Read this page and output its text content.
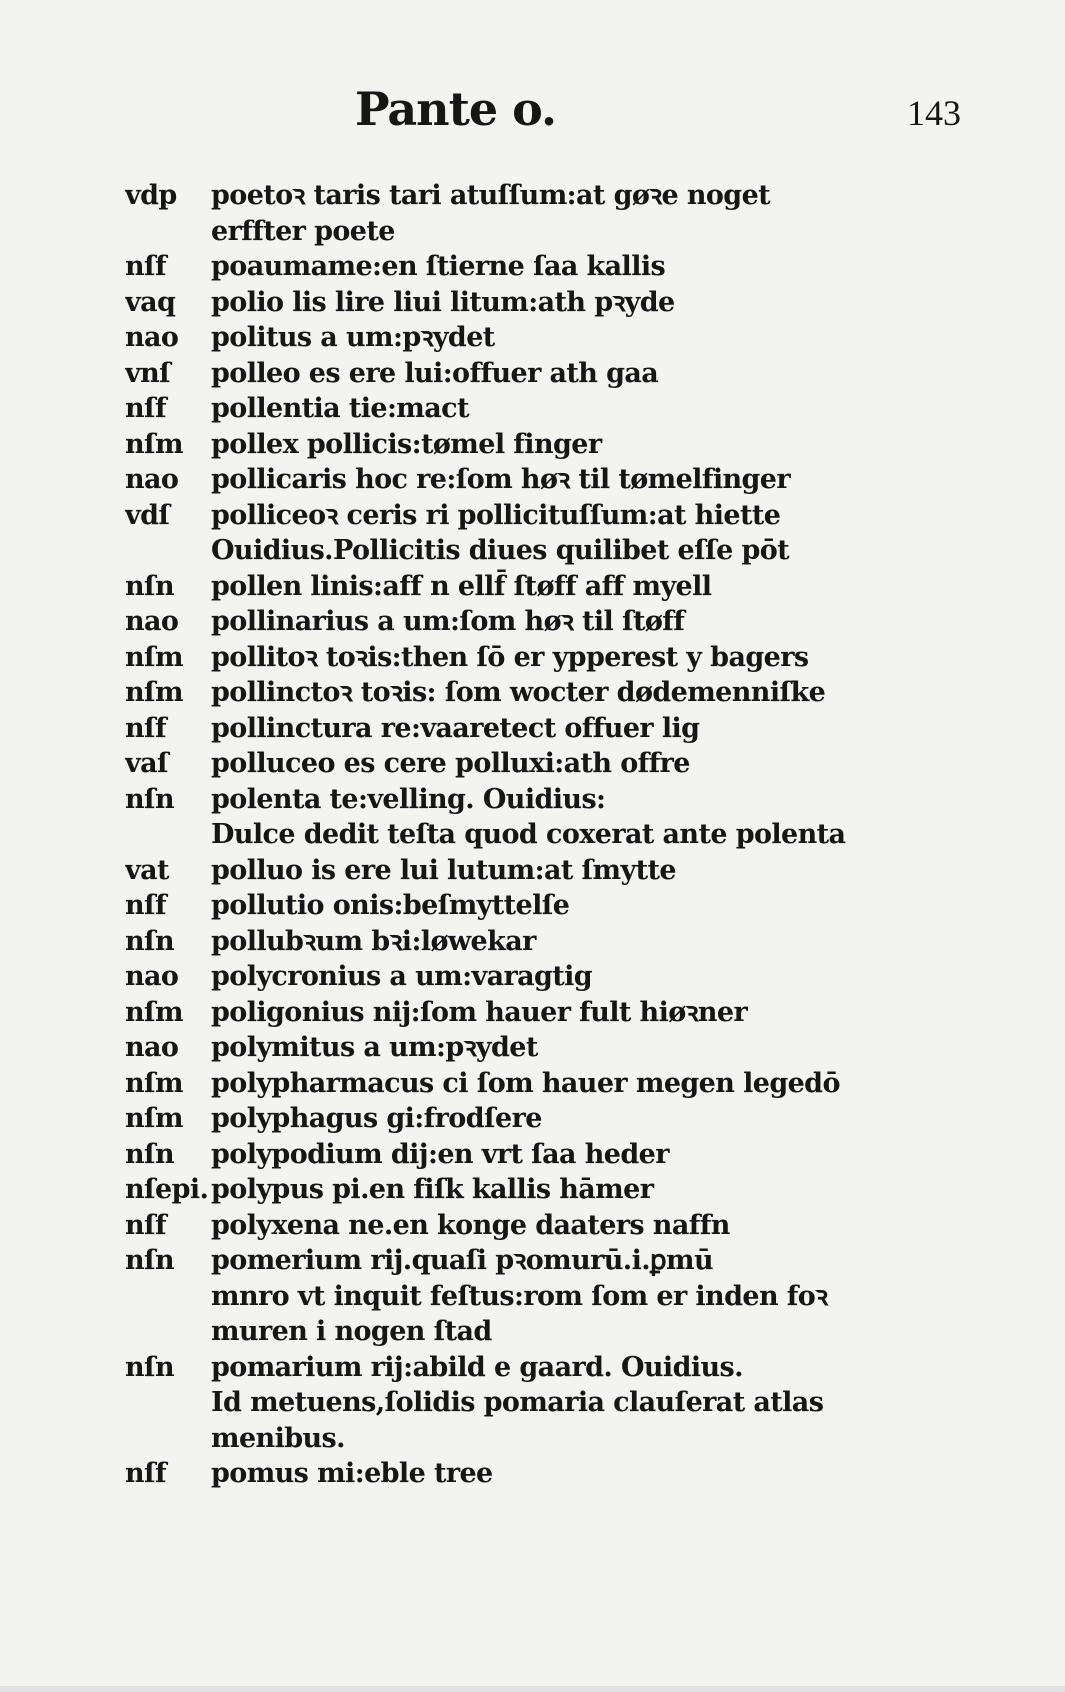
Pante o.	143
vdp	poetoꝛ taris tari atuſſum:at gøꝛe noget
erffter poete
nſf	poaumame:en ſtierne ſaa kallis
vaq	polio lis lire liui litum:ath pꝛyde
nao	politus a um:pꝛydet
vnſ	polleo es ere lui:offuer ath gaa
nſf	pollentia tie:mact
nſm	pollex pollicis:tømel finger
nao	pollicaris hoc re:ſom høꝛ til tømelfinger
vdſ	polliceoꝛ ceris ri pollicituſſum:at hiette
Ouidius.Pollicitis diues quilibet eſſe pōt
nſn	pollen linis:aff n ellf̄ ſtøff aff myell
nao	pollinarius a um:ſom høꝛ til ſtøff
nſm	pollitoꝛ toꝛis:then ſō er ypperest y bagers
nſm	pollinctoꝛ toꝛis: ſom wocter dødemenniſke
nſf	pollinctura re:vaaretect offuer lig
vaſ	polluceo es cere polluxi:ath offre
nſn	polenta te:velling. Ouidius:
Dulce dedit teſta quod coxerat ante polenta
vat	polluo is ere lui lutum:at ſmytte
nſf	pollutio onis:beſmyttelſe
nſn	pollubꝛum bꝛi:løwekar
nao	polycronius a um:varagtig
nſm	poligonius nij:ſom hauer fult hiøꝛner
nao	polymitus a um:pꝛydet
nſm	polypharmacus ci ſom hauer megen legedō
nſm	polyphagus gi:frodſere
nſn	polypodium dij:en vrt ſaa heder
nſepi. polypus pi.en fiſk kallis hāmer
nſf	polyxena ne.en konge daaters naffn
nſn	pomerium rij.quaſi pꝛomurū.i.ꝑmū
mnro vt inquit feſtus:rom ſom er inden foꝛ
muren i nogen ſtad
nſn	pomarium rij:abild e gaard. Ouidius.
Id metuens,ſolidis pomaria clauſerat atlas
menibus.
nſf	pomus mi:eble tree
